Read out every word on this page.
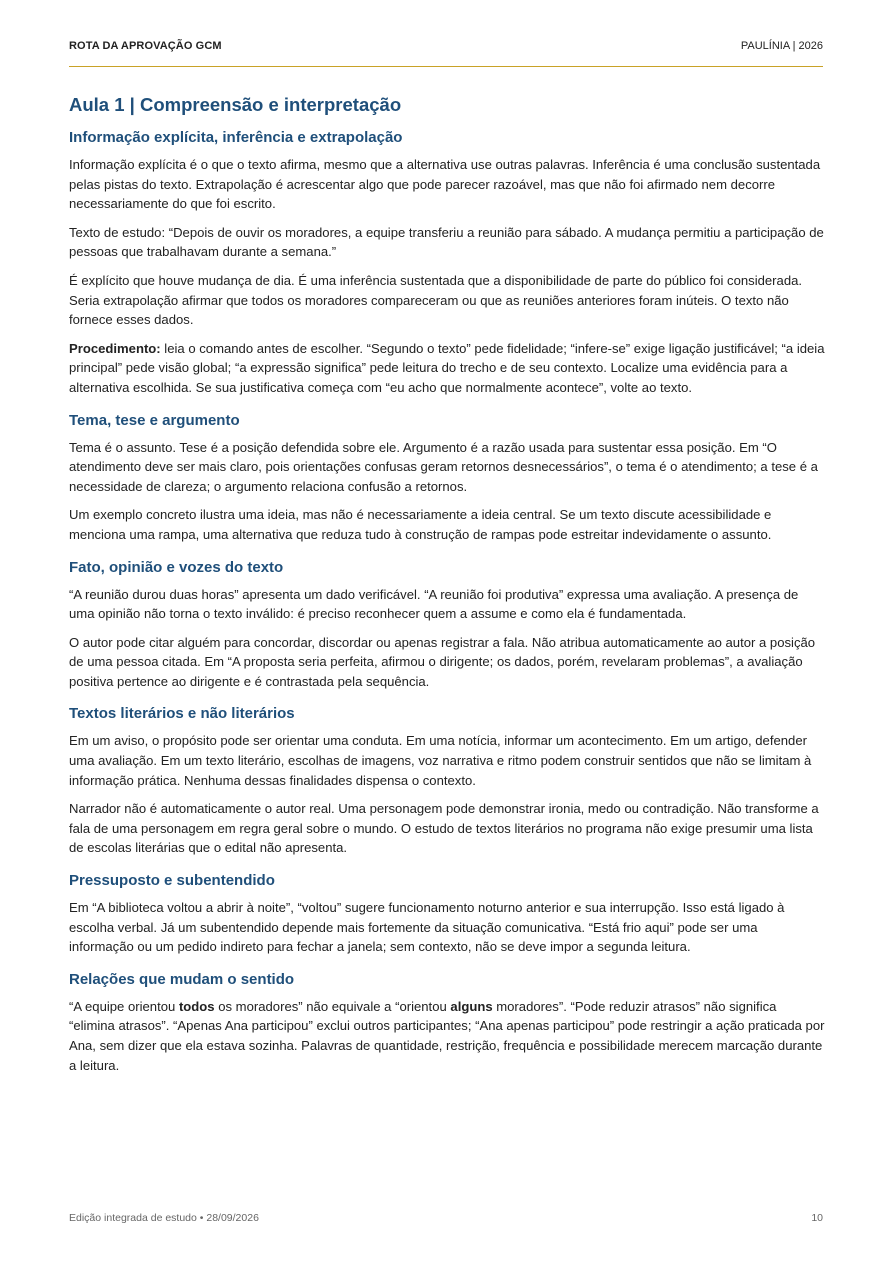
ROTA DA APROVAÇÃO GCM	PAULÍNIA | 2026
Aula 1 | Compreensão e interpretação
Informação explícita, inferência e extrapolação

Informação explícita é o que o texto afirma, mesmo que a alternativa use outras palavras. Inferência é uma conclusão sustentada pelas pistas do texto. Extrapolação é acrescentar algo que pode parecer razoável, mas que não foi afirmado nem decorre necessariamente do que foi escrito.

Texto de estudo: “Depois de ouvir os moradores, a equipe transferiu a reunião para sábado. A mudança permitiu a participação de pessoas que trabalhavam durante a semana.”

É explícito que houve mudança de dia. É uma inferência sustentada que a disponibilidade de parte do público foi considerada. Seria extrapolação afirmar que todos os moradores compareceram ou que as reuniões anteriores foram inúteis. O texto não fornece esses dados.

Procedimento: leia o comando antes de escolher. “Segundo o texto” pede fidelidade; “infere-se” exige ligação justificável; “a ideia principal” pede visão global; “a expressão significa” pede leitura do trecho e de seu contexto. Localize uma evidência para a alternativa escolhida. Se sua justificativa começa com “eu acho que normalmente acontece”, volte ao texto.

Tema, tese e argumento

Tema é o assunto. Tese é a posição defendida sobre ele. Argumento é a razão usada para sustentar essa posição. Em “O atendimento deve ser mais claro, pois orientações confusas geram retornos desnecessários”, o tema é o atendimento; a tese é a necessidade de clareza; o argumento relaciona confusão a retornos.

Um exemplo concreto ilustra uma ideia, mas não é necessariamente a ideia central. Se um texto discute acessibilidade e menciona uma rampa, uma alternativa que reduza tudo à construção de rampas pode estreitar indevidamente o assunto.

Fato, opinião e vozes do texto

“A reunião durou duas horas” apresenta um dado verificável. “A reunião foi produtiva” expressa uma avaliação. A presença de uma opinião não torna o texto inválido: é preciso reconhecer quem a assume e como ela é fundamentada.

O autor pode citar alguém para concordar, discordar ou apenas registrar a fala. Não atribua automaticamente ao autor a posição de uma pessoa citada. Em “A proposta seria perfeita, afirmou o dirigente; os dados, porém, revelaram problemas”, a avaliação positiva pertence ao dirigente e é contrastada pela sequência.

Textos literários e não literários

Em um aviso, o propósito pode ser orientar uma conduta. Em uma notícia, informar um acontecimento. Em um artigo, defender uma avaliação. Em um texto literário, escolhas de imagens, voz narrativa e ritmo podem construir sentidos que não se limitam à informação prática. Nenhuma dessas finalidades dispensa o contexto.

Narrador não é automaticamente o autor real. Uma personagem pode demonstrar ironia, medo ou contradição. Não transforme a fala de uma personagem em regra geral sobre o mundo. O estudo de textos literários no programa não exige presumir uma lista de escolas literárias que o edital não apresenta.

Pressuposto e subentendido

Em “A biblioteca voltou a abrir à noite”, “voltou” sugere funcionamento noturno anterior e sua interrupção. Isso está ligado à escolha verbal. Já um subentendido depende mais fortemente da situação comunicativa. “Está frio aqui” pode ser uma informação ou um pedido indireto para fechar a janela; sem contexto, não se deve impor a segunda leitura.

Relações que mudam o sentido

“A equipe orientou todos os moradores” não equivale a “orientou alguns moradores”. “Pode reduzir atrasos” não significa “elimina atrasos”. “Apenas Ana participou” exclui outros participantes; “Ana apenas participou” pode restringir a ação praticada por Ana, sem dizer que ela estava sozinha. Palavras de quantidade, restrição, frequência e possibilidade merecem marcação durante a leitura.

Edição integrada de estudo • 28/09/2026	10
